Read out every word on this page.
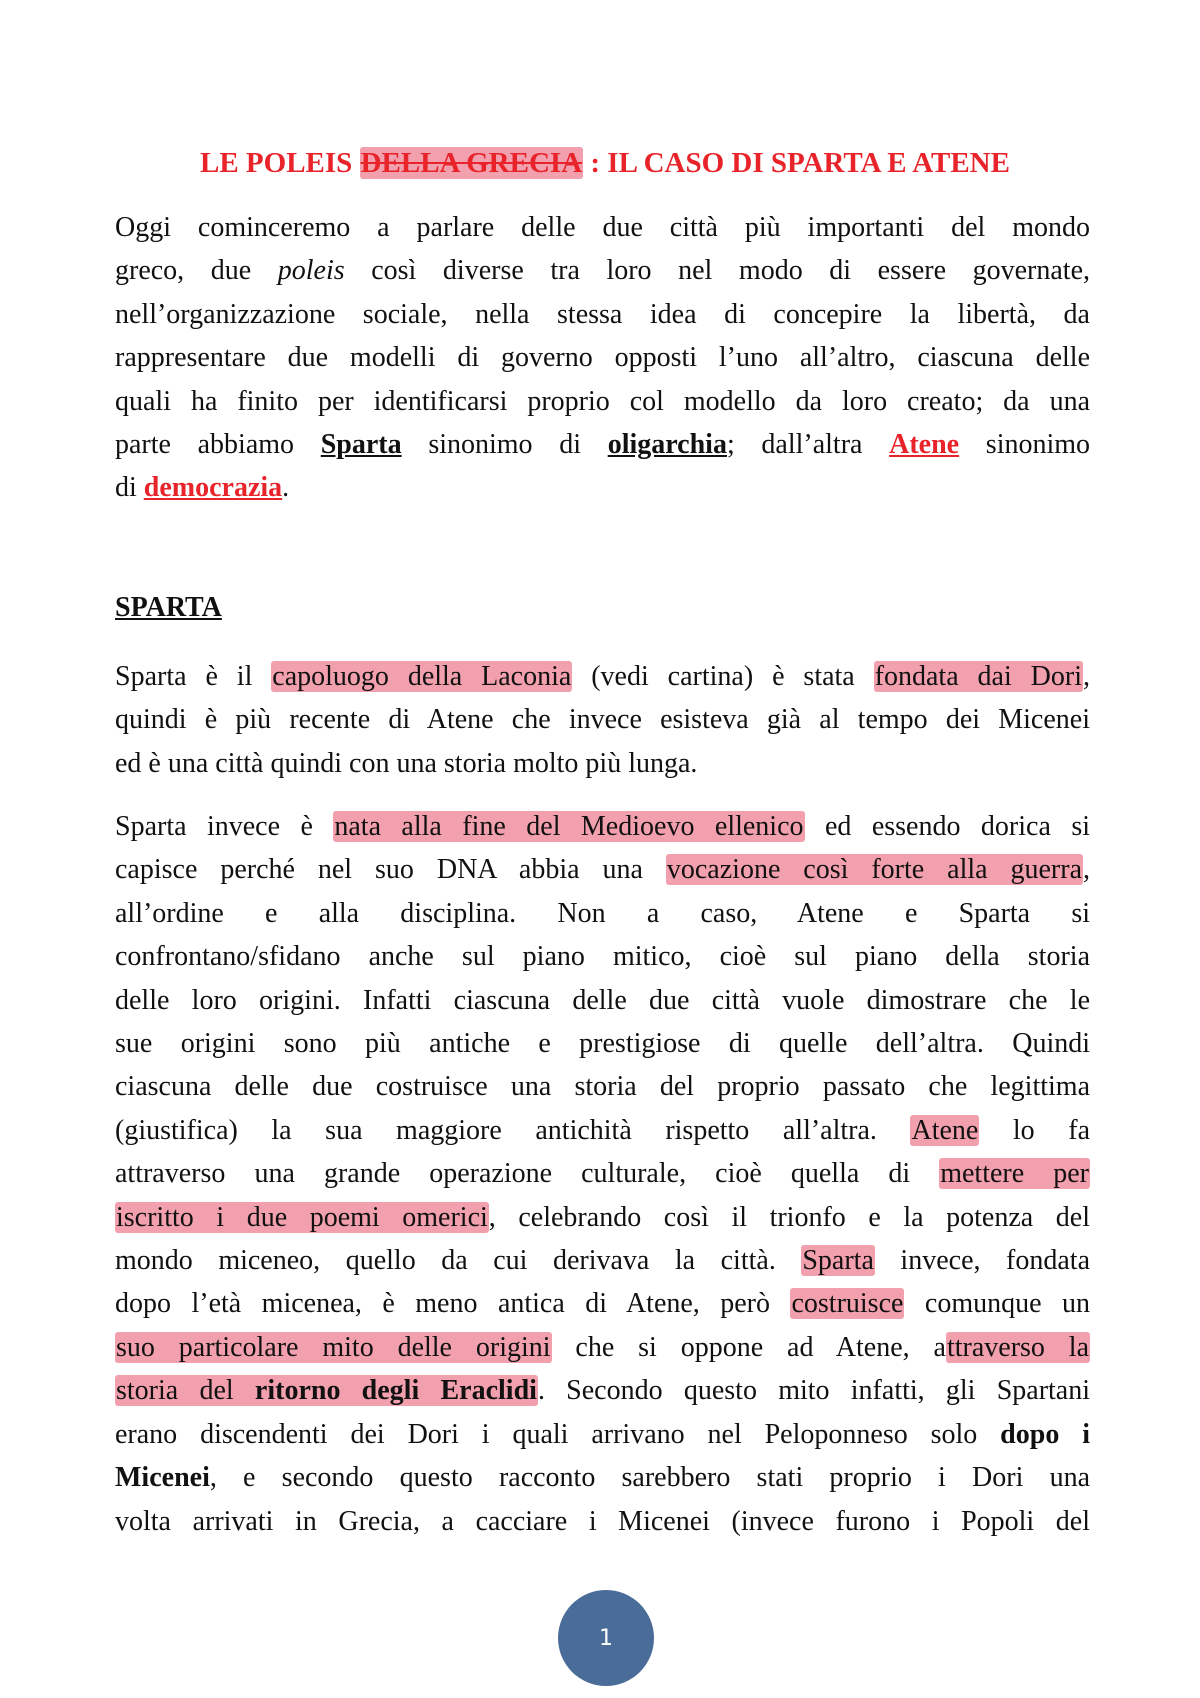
LE POLEIS DELLA GRECIA : IL CASO DI SPARTA E ATENE
Oggi cominceremo a parlare delle due città più importanti del mondo
greco, due poleis così diverse tra loro nel modo di essere governate,
nell’organizzazione sociale, nella stessa idea di concepire la libertà, da
rappresentare due modelli di governo opposti l’uno all’altro, ciascuna delle
quali ha finito per identificarsi proprio col modello da loro creato; da una
parte abbiamo Sparta sinonimo di oligarchia; dall’altra Atene sinonimo
di democrazia.
SPARTA
Sparta è il capoluogo della Laconia (vedi cartina) è stata fondata dai Dori,
quindi è più recente di Atene che invece esisteva già al tempo dei Micenei
ed è una città quindi con una storia molto più lunga.
Sparta invece è nata alla fine del Medioevo ellenico ed essendo dorica si
capisce perché nel suo DNA abbia una vocazione così forte alla guerra,
all’ordine e alla disciplina. Non a caso, Atene e Sparta si
confrontano/sfidano anche sul piano mitico, cioè sul piano della storia
delle loro origini. Infatti ciascuna delle due città vuole dimostrare che le
sue origini sono più antiche e prestigiose di quelle dell’altra. Quindi
ciascuna delle due costruisce una storia del proprio passato che legittima
(giustifica) la sua maggiore antichità rispetto all’altra. Atene lo fa
attraverso una grande operazione culturale, cioè quella di mettere per
iscritto i due poemi omerici, celebrando così il trionfo e la potenza del
mondo miceneo, quello da cui derivava la città. Sparta invece, fondata
dopo l’età micenea, è meno antica di Atene, però costruisce comunque un
suo particolare mito delle origini che si oppone ad Atene, attraverso la
storia del ritorno degli Eraclidi. Secondo questo mito infatti, gli Spartani
erano discendenti dei Dori i quali arrivano nel Peloponneso solo dopo i
Micenei, e secondo questo racconto sarebbero stati proprio i Dori una
volta arrivati in Grecia, a cacciare i Micenei (invece furono i Popoli del
1
